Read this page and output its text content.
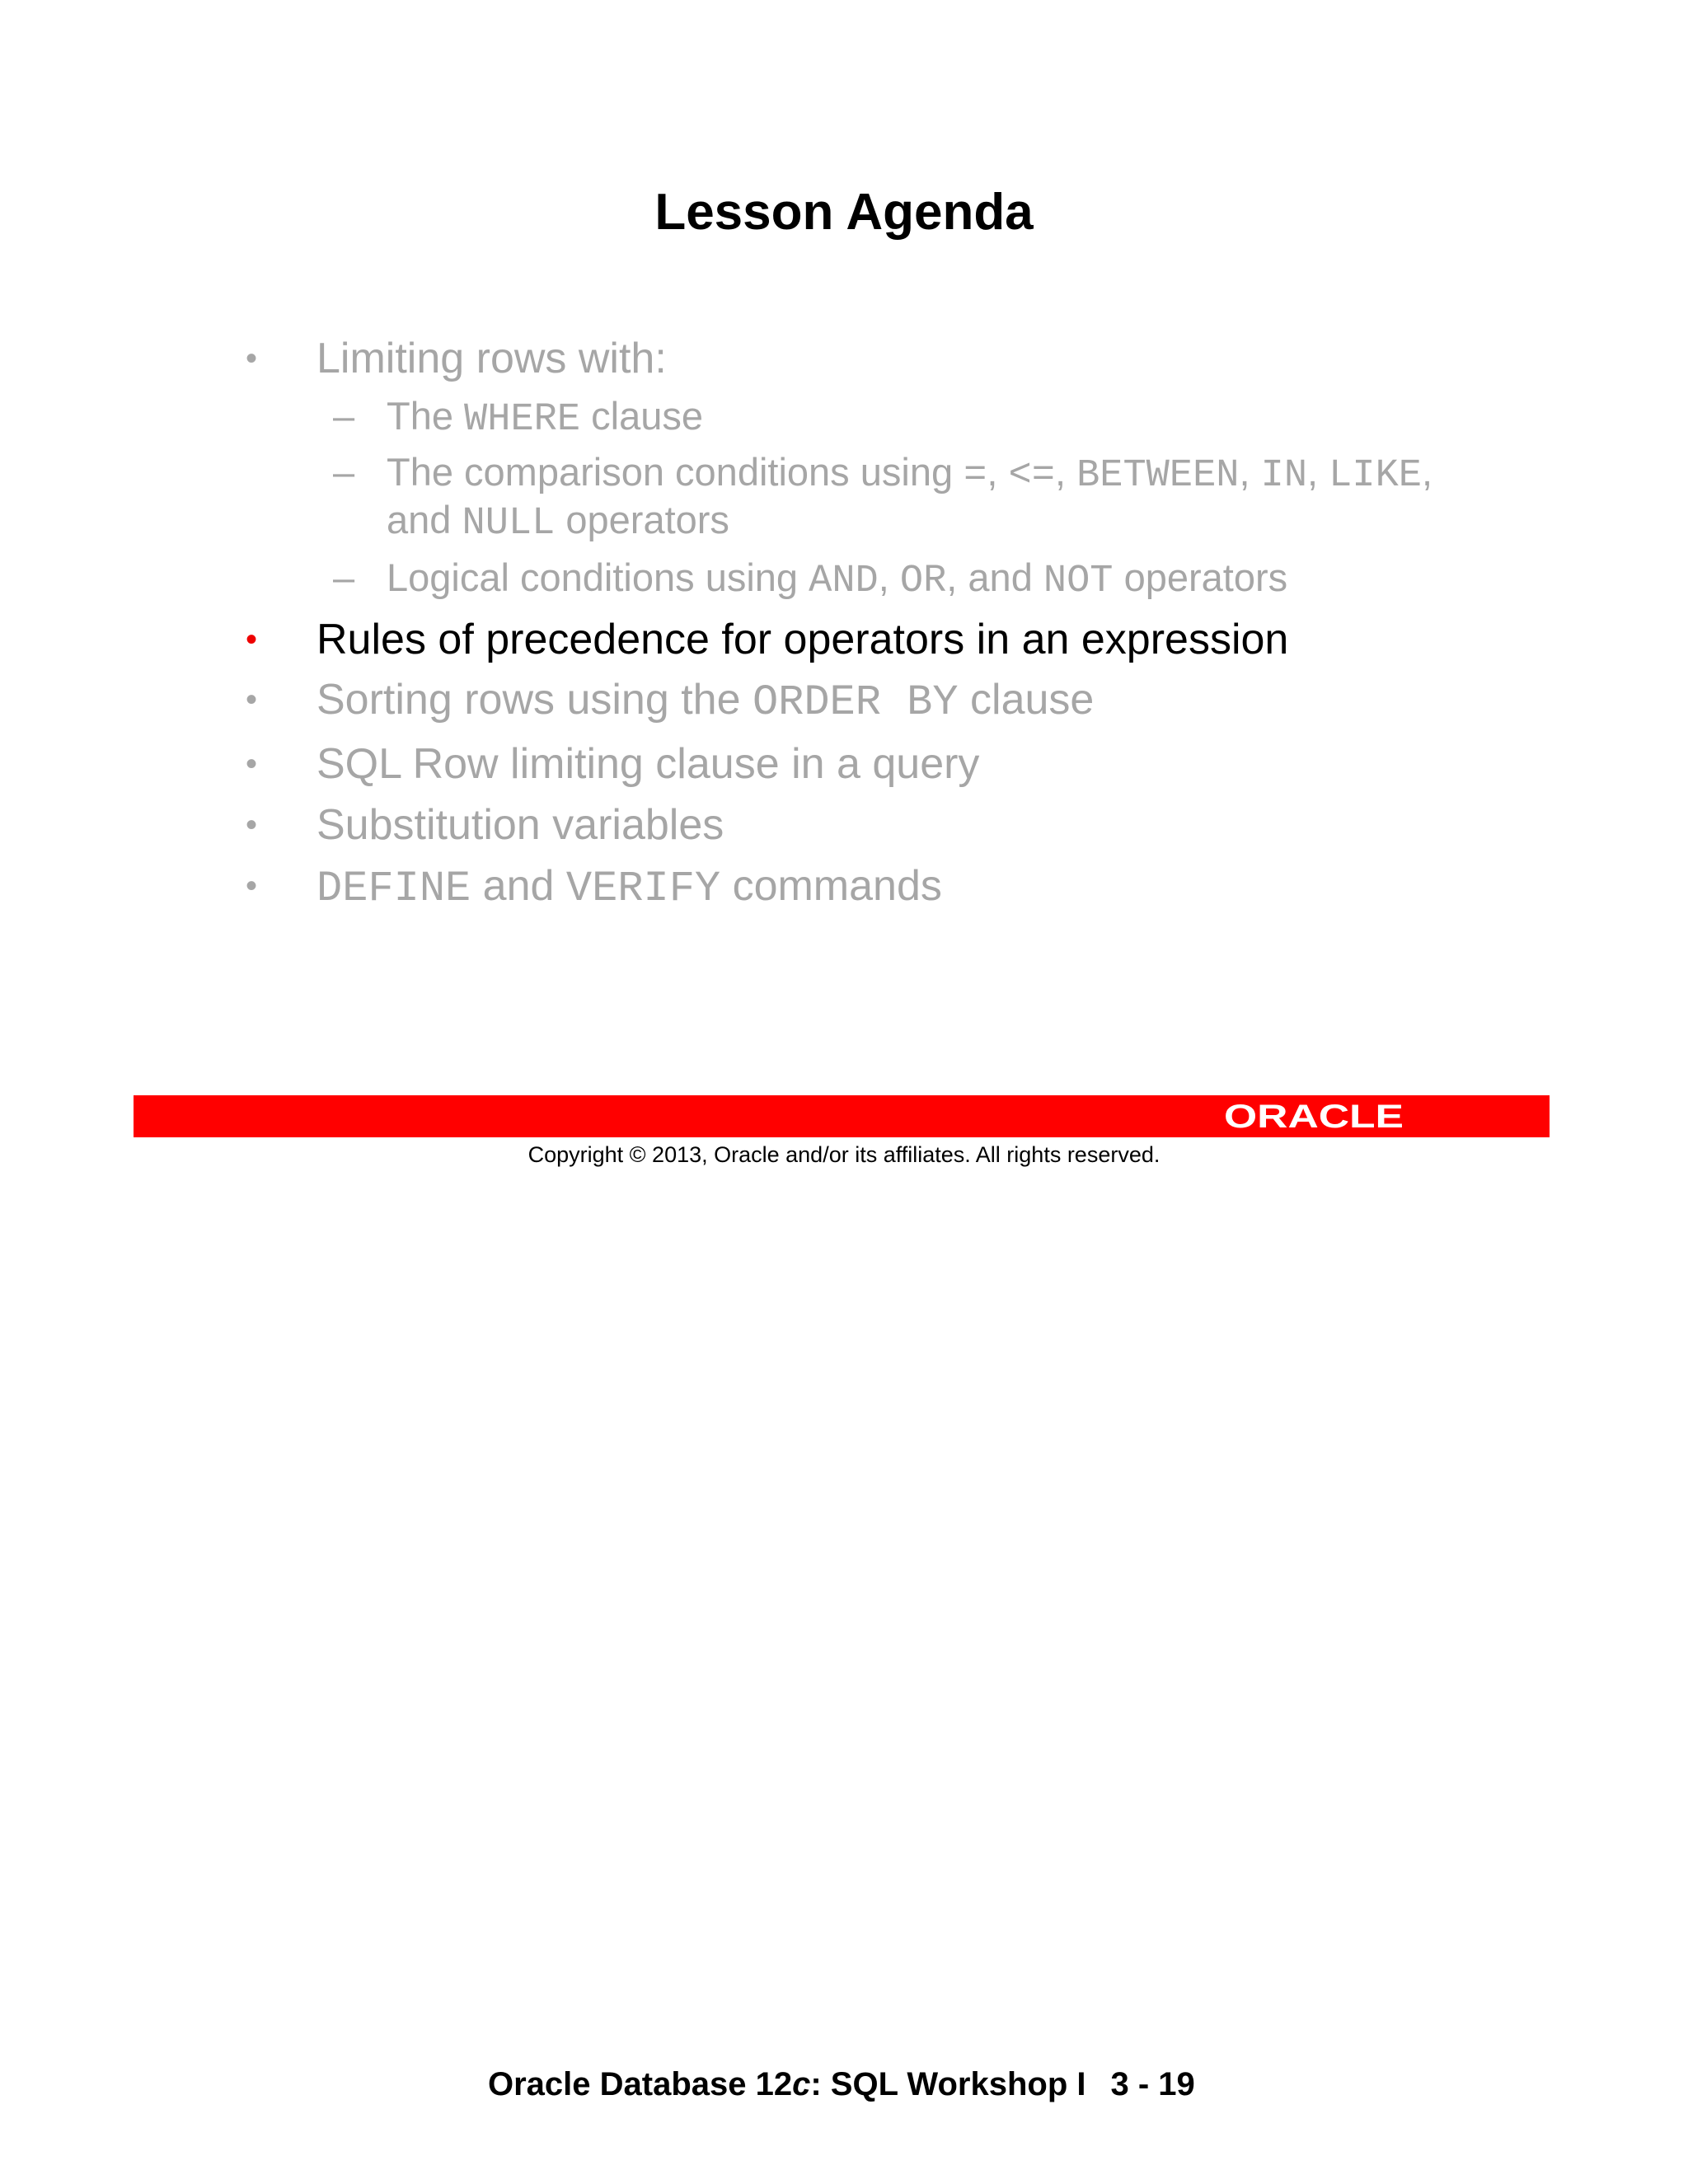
Lesson Agenda
• Limiting rows with:
– The WHERE clause
– The comparison conditions using =, <=, BETWEEN, IN, LIKE,
and NULL operators
– Logical conditions using AND, OR, and NOT operators
• Rules of precedence for operators in an expression
• Sorting rows using the ORDER BY clause
• SQL Row limiting clause in a query
• Substitution variables
• DEFINE and VERIFY commands
ORACLE
Copyright © 2013, Oracle and/or its affiliates. All rights reserved.
Oracle Database 12c: SQL Workshop I 3 - 19
